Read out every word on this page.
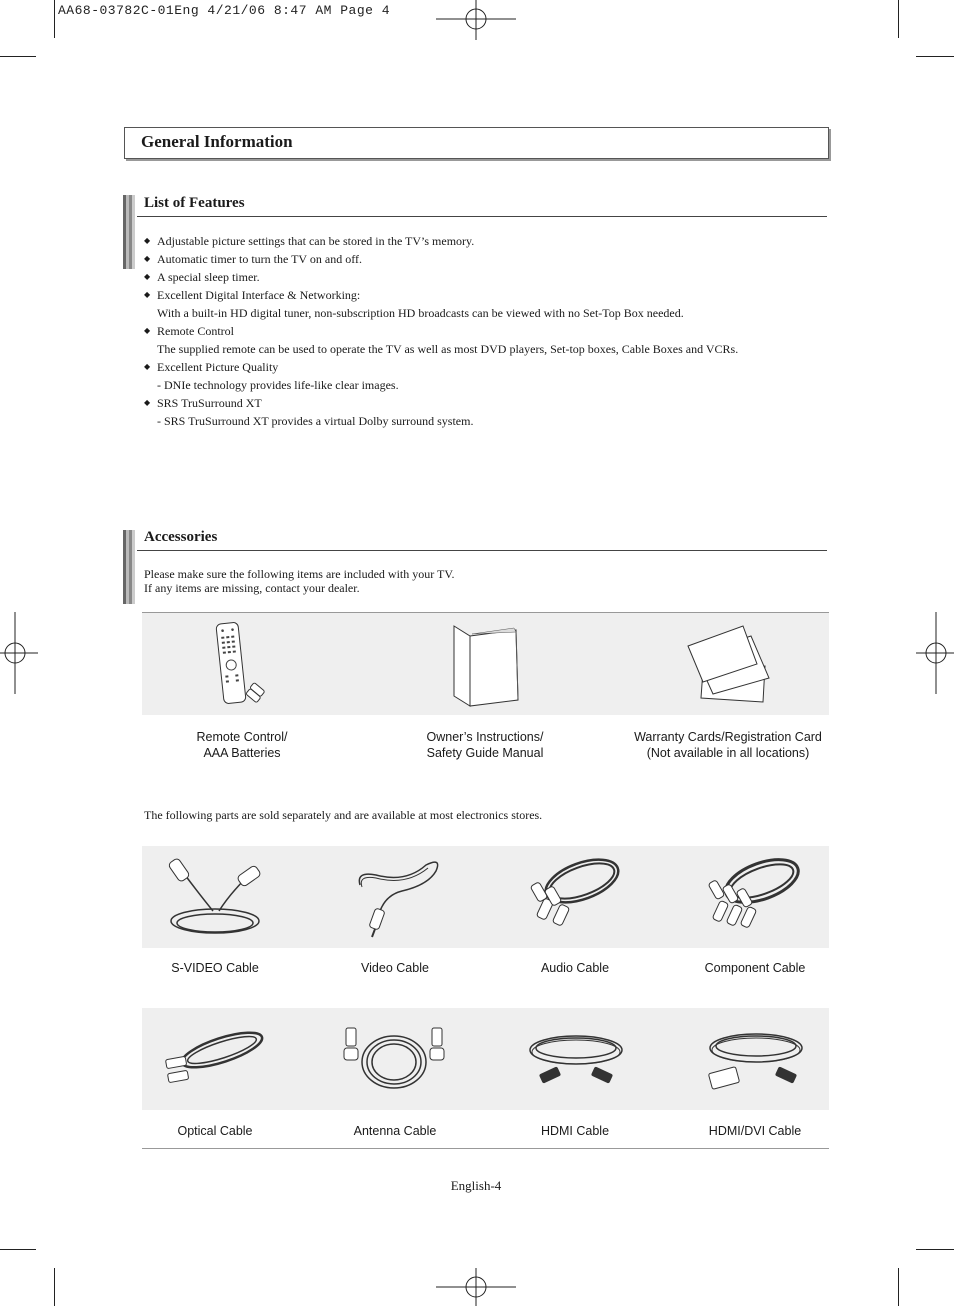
AA68-03782C-01Eng 4/21/06 8:47 AM Page 4
General Information
List of Features
◆ Adjustable picture settings that can be stored in the TV’s memory.
◆ Automatic timer to turn the TV on and off.
◆ A special sleep timer.
◆ Excellent Digital Interface & Networking:
With a built-in HD digital tuner, non-subscription HD broadcasts can be viewed with no Set-Top Box needed.
◆ Remote Control
The supplied remote can be used to operate the TV as well as most DVD players, Set-top boxes, Cable Boxes and VCRs.
◆ Excellent Picture Quality
- DNIe technology provides life-like clear images.
◆ SRS TruSurround XT
- SRS TruSurround XT provides a virtual Dolby surround system.
Accessories
Please make sure the following items are included with your TV.
If any items are missing, contact your dealer.
Remote Control/
AAA Batteries
Owner’s Instructions/
Safety Guide Manual
Warranty Cards/Registration Card
(Not available in all locations)
The following parts are sold separately and are available at most electronics stores.
S-VIDEO Cable	Video Cable	Audio Cable	Component Cable
Optical Cable	Antenna Cable	HDMI Cable	HDMI/DVI Cable
English-4
